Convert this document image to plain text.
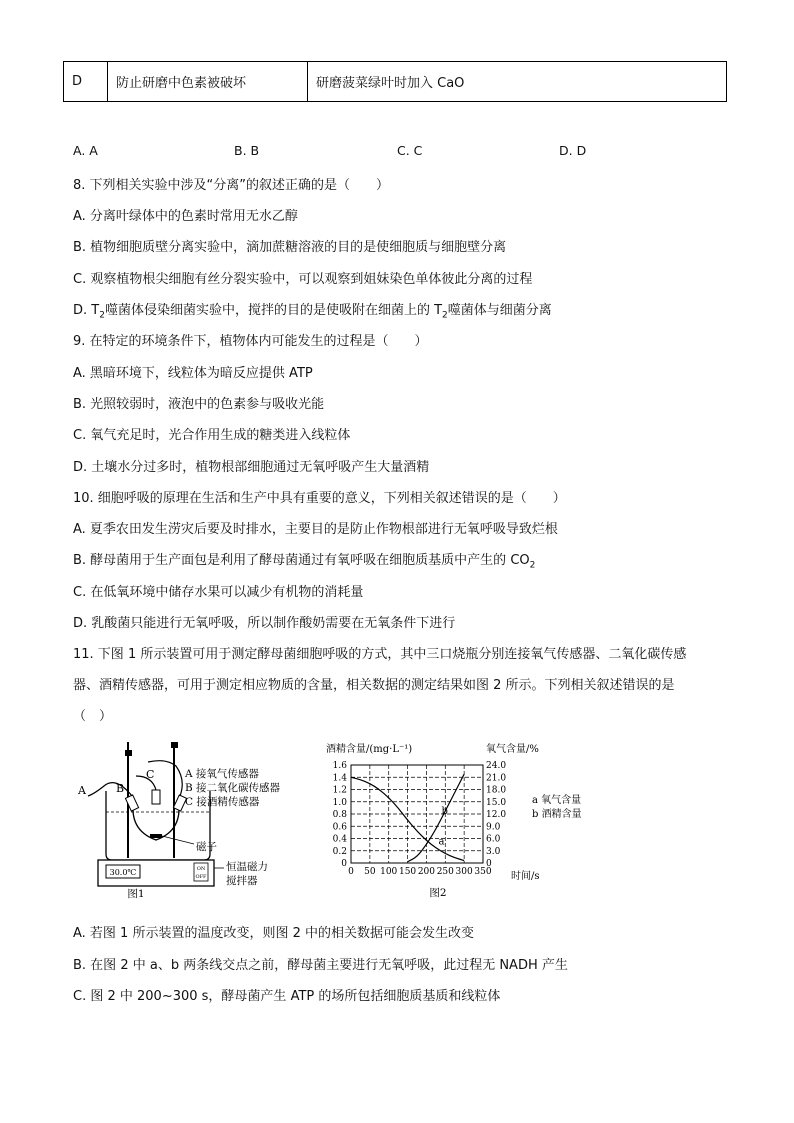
D	防止研磨中色素被破坏	研磨菠菜绿叶时加入 CaO
A. A	B. B	C. C	D. D
8. 下列相关实验中涉及“分离”的叙述正确的是（　　）
A. 分离叶绿体中的色素时常用无水乙醇
B. 植物细胞质壁分离实验中，滴加蔗糖溶液的目的是使细胞质与细胞壁分离
C. 观察植物根尖细胞有丝分裂实验中，可以观察到姐妹染色单体彼此分离的过程
D. $T_2$噬菌体侵染细菌实验中，搅拌的目的是使吸附在细菌上的 $T_2$噬菌体与细菌分离
9. 在特定的环境条件下，植物体内可能发生的过程是（　　）
A. 黑暗环境下，线粒体为暗反应提供 ATP
B. 光照较弱时，液泡中的色素参与吸收光能
C. 氧气充足时，光合作用生成的糖类进入线粒体
D. 土壤水分过多时，植物根部细胞通过无氧呼吸产生大量酒精
10. 细胞呼吸的原理在生活和生产中具有重要的意义，下列相关叙述错误的是（　　）
A. 夏季农田发生涝灾后要及时排水，主要目的是防止作物根部进行无氧呼吸导致烂根
B. 酵母菌用于生产面包是利用了酵母菌通过有氧呼吸在细胞质基质中产生的 $CO_2$
C. 在低氧环境中储存水果可以减少有机物的消耗量
D. 乳酸菌只能进行无氧呼吸，所以制作酸奶需要在无氧条件下进行
11. 下图 1 所示装置可用于测定酵母菌细胞呼吸的方式，其中三口烧瓶分别连接氧气传感器、二氧化碳传感
器、酒精传感器，可用于测定相应物质的含量，相关数据的测定结果如图 2 所示。下列相关叙述错误的是
（　）
30.0℃	ON
OFF
A	B
C	A 接氧气传感器
B 接二氧化碳传感器
C 接酒精传感器
磁子
恒温磁力
搅拌器
图1
酒精含量/(mg·L⁻¹)	氧气含量/%
时间/s
图2
a 氧气含量
b 酒精含量
0 50 100 150 200 250 300 350
0
0.2
0.4
0.6
0.8
1.0
1.2
1.4
1.6
0
3.0
6.0
9.0
12.0
15.0
18.0
21.0
24.0
a
b
A. 若图 1 所示装置的温度改变，则图 2 中的相关数据可能会发生改变
B. 在图 2 中 a、b 两条线交点之前，酵母菌主要进行无氧呼吸，此过程无 NADH 产生
C. 图 2 中 200~300 s，酵母菌产生 ATP 的场所包括细胞质基质和线粒体
